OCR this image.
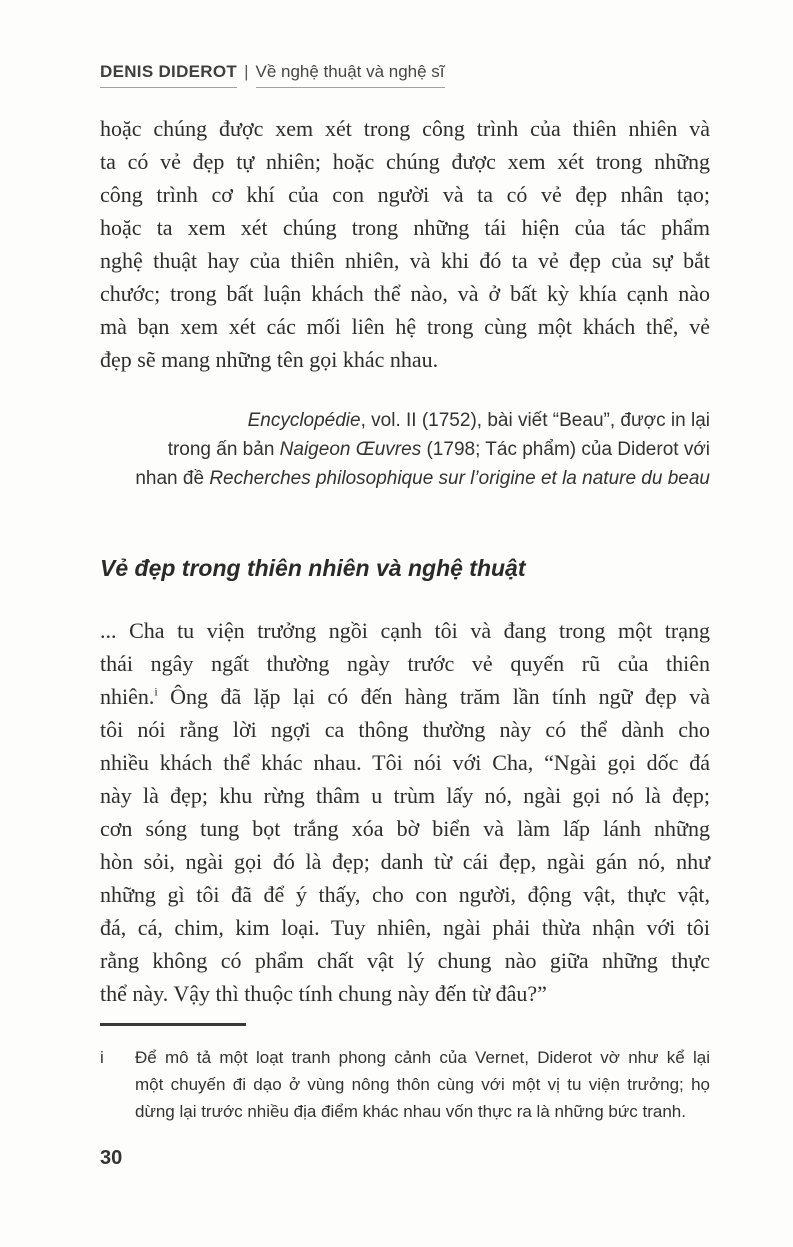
DENIS DIDEROT | Về nghệ thuật và nghệ sĩ
hoặc chúng được xem xét trong công trình của thiên nhiên và
ta có vẻ đẹp tự nhiên; hoặc chúng được xem xét trong những
công trình cơ khí của con người và ta có vẻ đẹp nhân tạo;
hoặc ta xem xét chúng trong những tái hiện của tác phẩm
nghệ thuật hay của thiên nhiên, và khi đó ta vẻ đẹp của sự bắt
chước; trong bất luận khách thể nào, và ở bất kỳ khía cạnh nào
mà bạn xem xét các mối liên hệ trong cùng một khách thể, vẻ
đẹp sẽ mang những tên gọi khác nhau.
Encyclopédie, vol. II (1752), bài viết “Beau”, được in lại
trong ấn bản Naigeon Œuvres (1798; Tác phẩm) của Diderot với
nhan đề Recherches philosophique sur l’origine et la nature du beau
Vẻ đẹp trong thiên nhiên và nghệ thuật
... Cha tu viện trưởng ngồi cạnh tôi và đang trong một trạng
thái ngây ngất thường ngày trước vẻ quyến rũ của thiên
nhiên.$^i$ Ông đã lặp lại có đến hàng trăm lần tính ngữ đẹp và
tôi nói rằng lời ngợi ca thông thường này có thể dành cho
nhiều khách thể khác nhau. Tôi nói với Cha, “Ngài gọi dốc đá
này là đẹp; khu rừng thâm u trùm lấy nó, ngài gọi nó là đẹp;
cơn sóng tung bọt trắng xóa bờ biển và làm lấp lánh những
hòn sỏi, ngài gọi đó là đẹp; danh từ cái đẹp, ngài gán nó, như
những gì tôi đã để ý thấy, cho con người, động vật, thực vật,
đá, cá, chim, kim loại. Tuy nhiên, ngài phải thừa nhận với tôi
rằng không có phẩm chất vật lý chung nào giữa những thực
thể này. Vậy thì thuộc tính chung này đến từ đâu?”
i	Để mô tả một loạt tranh phong cảnh của Vernet, Diderot vờ như kể lại
một chuyến đi dạo ở vùng nông thôn cùng với một vị tu viện trưởng; họ
dừng lại trước nhiều địa điểm khác nhau vốn thực ra là những bức tranh.
30
